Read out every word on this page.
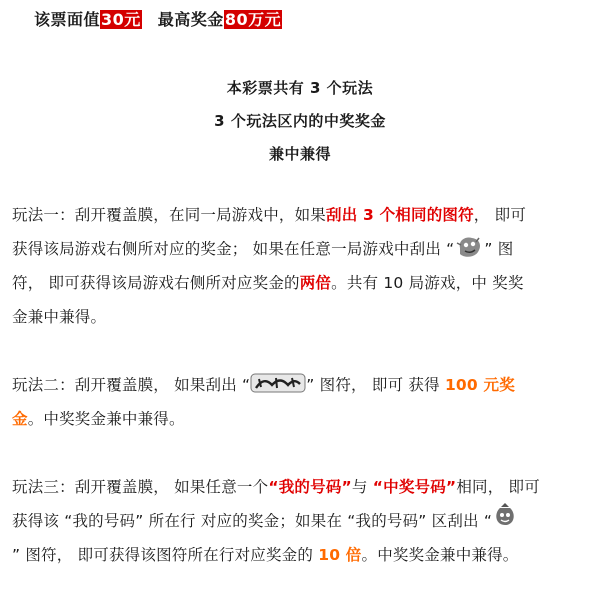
该票面值30元 最高奖金80万元
本彩票共有 3 个玩法
3 个玩法区内的中奖奖金
兼中兼得
玩法一：刮开覆盖膜，在同一局游戏中，如果刮出 3 个相同的图符， 即可
获得该局游戏右侧所对应的奖金； 如果在任意一局游戏中刮出 “ ” 图
符， 即可获得该局游戏右侧所对应奖金的两倍。共有 10 局游戏，中 奖奖
金兼中兼得。
玩法二：刮开覆盖膜， 如果刮出 “	” 图符， 即可 获得 100 元奖
金。中奖奖金兼中兼得。
玩法三：刮开覆盖膜， 如果任意一个“我的号码”与 “中奖号码”相同， 即可
获得该 “我的号码” 所在行 对应的奖金；如果在 “我的号码” 区刮出 “
” 图符， 即可获得该图符所在行对应奖金的 10 倍。中奖奖金兼中兼得。
